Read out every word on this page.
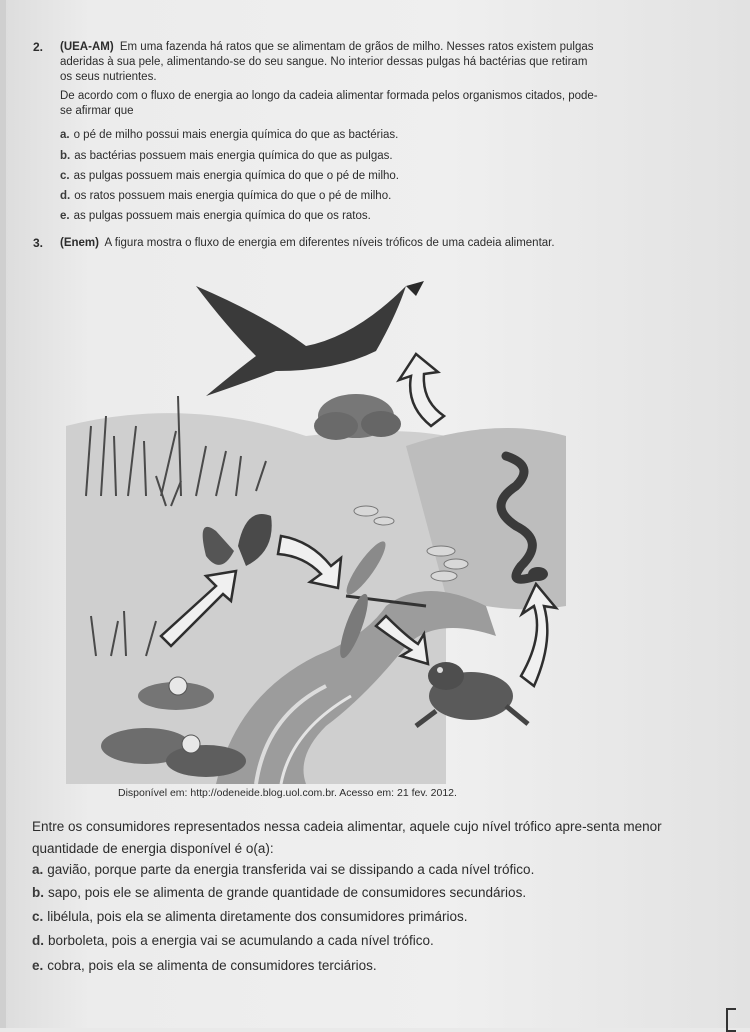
2. (UEA-AM) Em uma fazenda há ratos que se alimentam de grãos de milho. Nesses ratos existem pulgas aderidas à sua pele, alimentando-se do seu sangue. No interior dessas pulgas há bactérias que retiram os seus nutrientes.
De acordo com o fluxo de energia ao longo da cadeia alimentar formada pelos organismos citados, pode-se afirmar que
a. o pé de milho possui mais energia química do que as bactérias.
b. as bactérias possuem mais energia química do que as pulgas.
c. as pulgas possuem mais energia química do que o pé de milho.
d. os ratos possuem mais energia química do que o pé de milho.
e. as pulgas possuem mais energia química do que os ratos.
3. (Enem) A figura mostra o fluxo de energia em diferentes níveis tróficos de uma cadeia alimentar.
Disponível em: http://odeneide.blog.uol.com.br. Acesso em: 21 fev. 2012.
Entre os consumidores representados nessa cadeia alimentar, aquele cujo nível trófico apre-senta menor quantidade de energia disponível é o(a):
a. gavião, porque parte da energia transferida vai se dissipando a cada nível trófico.
b. sapo, pois ele se alimenta de grande quantidade de consumidores secundários.
c. libélula, pois ela se alimenta diretamente dos consumidores primários.
d. borboleta, pois a energia vai se acumulando a cada nível trófico.
e. cobra, pois ela se alimenta de consumidores terciários.
